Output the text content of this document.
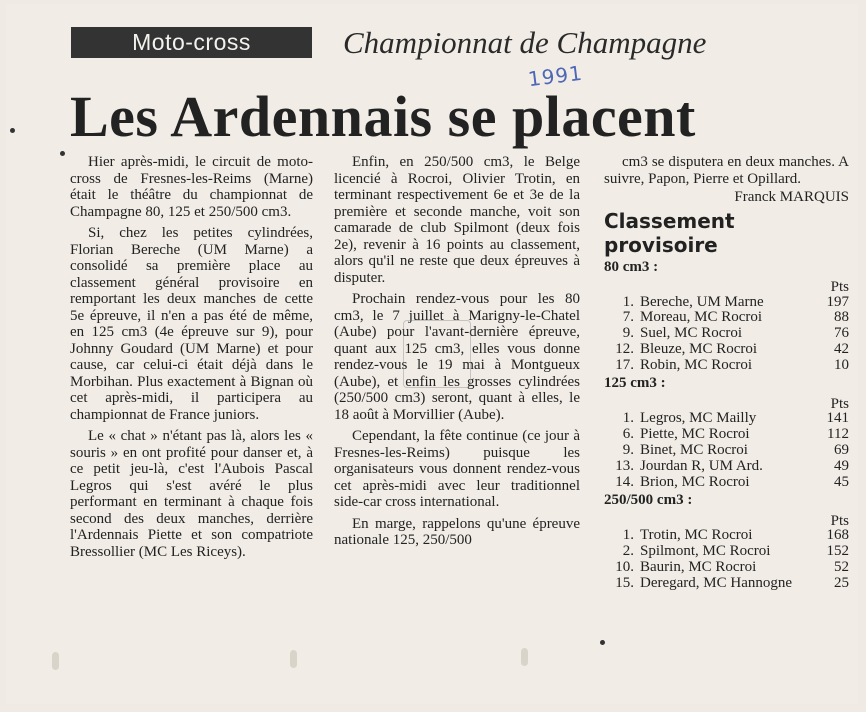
Moto-cross	Championnat de Champagne
1991
Les Ardennais se placent

Hier après-midi, le circuit de moto-cross de Fresnes-les-Reims (Marne) était le théâtre du championnat de Champagne 80, 125 et 250/500 cm3.

Si, chez les petites cylindrées, Florian Bereche (UM Marne) a consolidé sa première place au classement général provisoire en remportant les deux manches de cette 5e épreuve, il n'en a pas été de même, en 125 cm3 (4e épreuve sur 9), pour Johnny Goudard (UM Marne) et pour cause, car celui-ci était déjà dans le Morbihan. Plus exactement à Bignan où cet après-midi, il participera au championnat de France juniors.

Le « chat » n'étant pas là, alors les « souris » en ont profité pour danser et, à ce petit jeu-là, c'est l'Aubois Pascal Legros qui s'est avéré le plus performant en terminant à chaque fois second des deux manches, derrière l'Ardennais Piette et son compatriote Bressollier (MC Les Riceys).

Enfin, en 250/500 cm3, le Belge licencié à Rocroi, Olivier Trotin, en terminant respectivement 6e et 3e de la première et seconde manche, voit son camarade de club Spilmont (deux fois 2e), revenir à 16 points au classement, alors qu'il ne reste que deux épreuves à disputer.

Prochain rendez-vous pour les 80 cm3, le 7 juillet à Marigny-le-Chatel (Aube) pour l'avant-dernière épreuve, quant aux 125 cm3, elles vous donne rendez-vous le 19 mai à Montgueux (Aube), et enfin les grosses cylindrées (250/500 cm3) seront, quant à elles, le 18 août à Morvillier (Aube).

Cependant, la fête continue (ce jour à Fresnes-les-Reims) puisque les organisateurs vous donnent rendez-vous cet après-midi avec leur traditionnel side-car cross international.

En marge, rappelons qu'une épreuve nationale 125, 250/500

cm3 se disputera en deux manches. A suivre, Papon, Pierre et Opillard.

Franck MARQUIS
Classement provisoire
80 cm3 :
Pts
1.	Bereche, UM Marne	197
7.	Moreau, MC Rocroi	88
9.	Suel, MC Rocroi	76
12.	Bleuze, MC Rocroi	42
17.	Robin, MC Rocroi	10
125 cm3 :
Pts
1.	Legros, MC Mailly	141
6.	Piette, MC Rocroi	112
9.	Binet, MC Rocroi	69
13.	Jourdan R, UM Ard.	49
14.	Brion, MC Rocroi	45
250/500 cm3 :
Pts
1.	Trotin, MC Rocroi	168
2.	Spilmont, MC Rocroi	152
10.	Baurin, MC Rocroi	52
15.	Deregard, MC Hannogne	25
